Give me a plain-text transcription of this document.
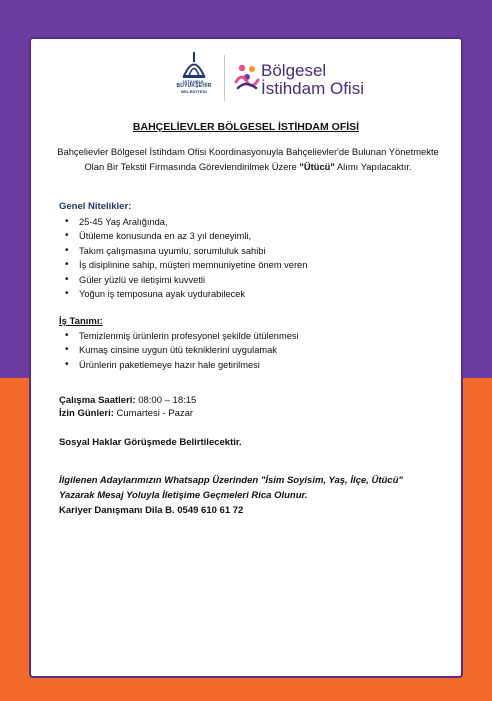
İSTANBUL
BÜYÜKŞEHİR
BELEDİYESİ
Bölgesel
İstihdam Ofisi
BAHÇELİEVLER BÖLGESEL İSTİHDAM OFİSİ
Bahçelievler Bölgesel İstihdam Ofisi Koordinasyonuyla Bahçelievler'de Bulunan Yönetmekte Olan Bir Tekstil Firmasında Görevlendirilmek Üzere "Ütücü" Alımı Yapılacaktır.
Genel Nitelikler:
• 25-45 Yaş Aralığında,
• Ütüleme konusunda en az 3 yıl deneyimli,
• Takım çalışmasına uyumlu, sorumluluk sahibi
• İş disiplinine sahip, müşteri memnuniyetine önem veren
• Güler yüzlü ve iletişimi kuvvetli
• Yoğun iş temposuna ayak uydurabilecek
İş Tanımı:
• Temizlenmiş ürünlerin profesyonel şekilde ütülenmesi
• Kumaş cinsine uygun ütü tekniklerini uygulamak
• Ürünlerin paketlemeye hazır hale getirilmesi
Çalışma Saatleri: 08:00 – 18:15
İzin Günleri: Cumartesi - Pazar
Sosyal Haklar Görüşmede Belirtilecektir.
İlgilenen Adaylarımızın Whatsapp Üzerinden "İsim Soyisim, Yaş, İlçe, Ütücü"
Yazarak Mesaj Yoluyla İletişime Geçmeleri Rica Olunur.
Kariyer Danışmanı Dila B. 0549 610 61 72
